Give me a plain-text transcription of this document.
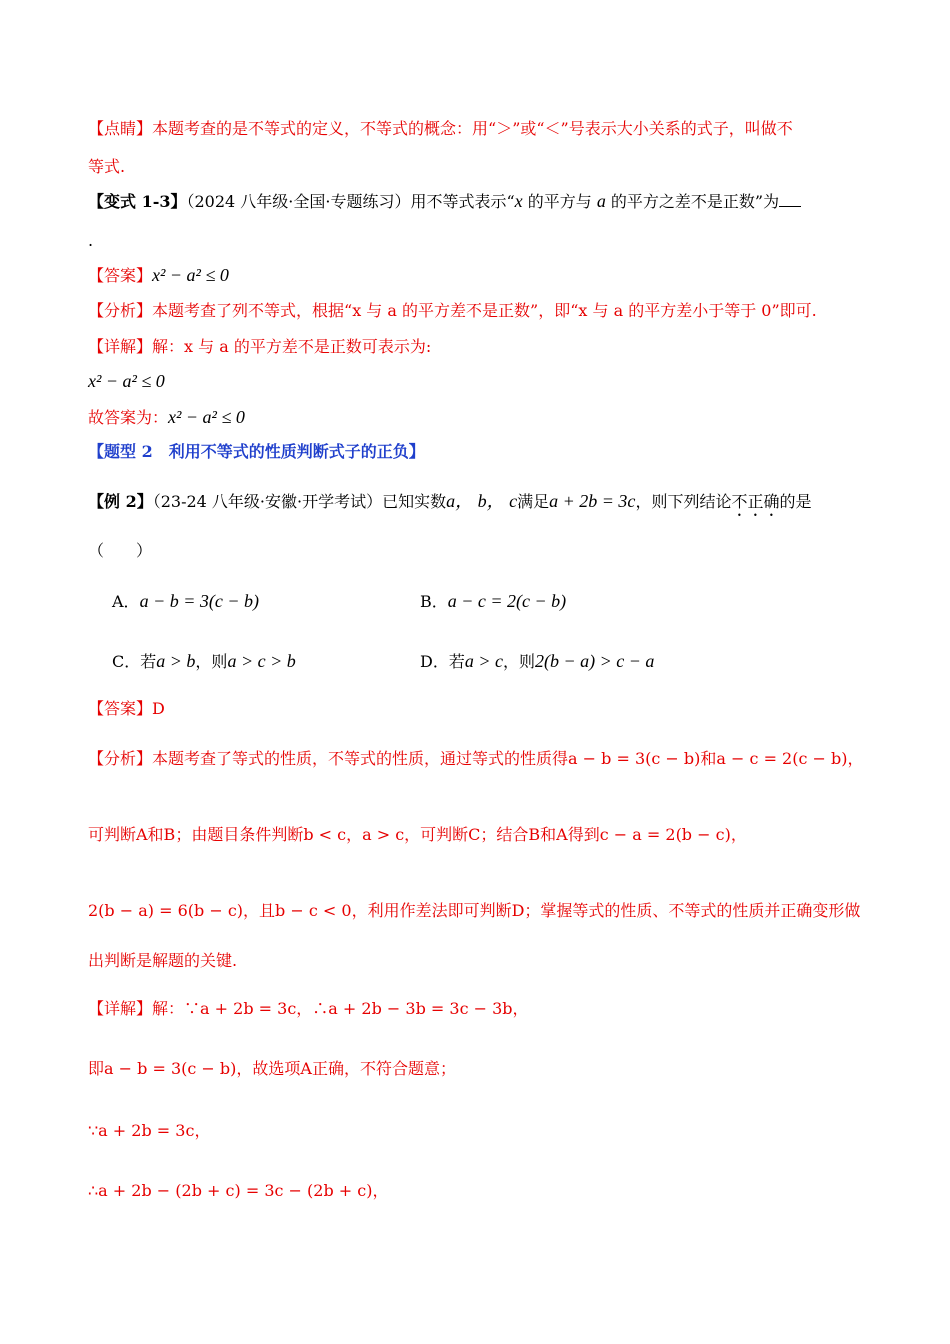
【点睛】本题考查的是不等式的定义，不等式的概念：用“＞”或“＜”号表示大小关系的式子，叫做不
等式.
【变式 1-3】（2024 八年级·全国·专题练习）用不等式表示“x 的平方与 a 的平方之差不是正数”为
.
【答案】x² − a² ≤ 0
【分析】本题考查了列不等式，根据“x 与 a 的平方差不是正数”，即“x 与 a 的平方差小于等于 0”即可.
【详解】解：x 与 a 的平方差不是正数可表示为:
x² − a² ≤ 0
故答案为：x² − a² ≤ 0
【题型 2　利用不等式的性质判断式子的正负】
【例 2】（23-24 八年级·安徽·开学考试）已知实数a， b， c满足a + 2b = 3c，则下列结论不正确的是
（　　）
A．a − b = 3(c − b)	B．a − c = 2(c − b)
C．若a > b，则a > c > b	D．若a > c，则2(b − a) > c − a
【答案】D
【分析】本题考查了等式的性质，不等式的性质，通过等式的性质得a − b = 3(c − b)和a − c = 2(c − b)，
可判断A和B；由题目条件判断b < c，a > c，可判断C；结合B和A得到c − a = 2(b − c)，
2(b − a) = 6(b − c)，且b − c < 0，利用作差法即可判断D；掌握等式的性质、不等式的性质并正确变形做
出判断是解题的关键.
【详解】解：∵a + 2b = 3c，∴a + 2b − 3b = 3c − 3b，
即a − b = 3(c − b)，故选项A正确，不符合题意；
∵a + 2b = 3c，
∴a + 2b − (2b + c) = 3c − (2b + c)，
